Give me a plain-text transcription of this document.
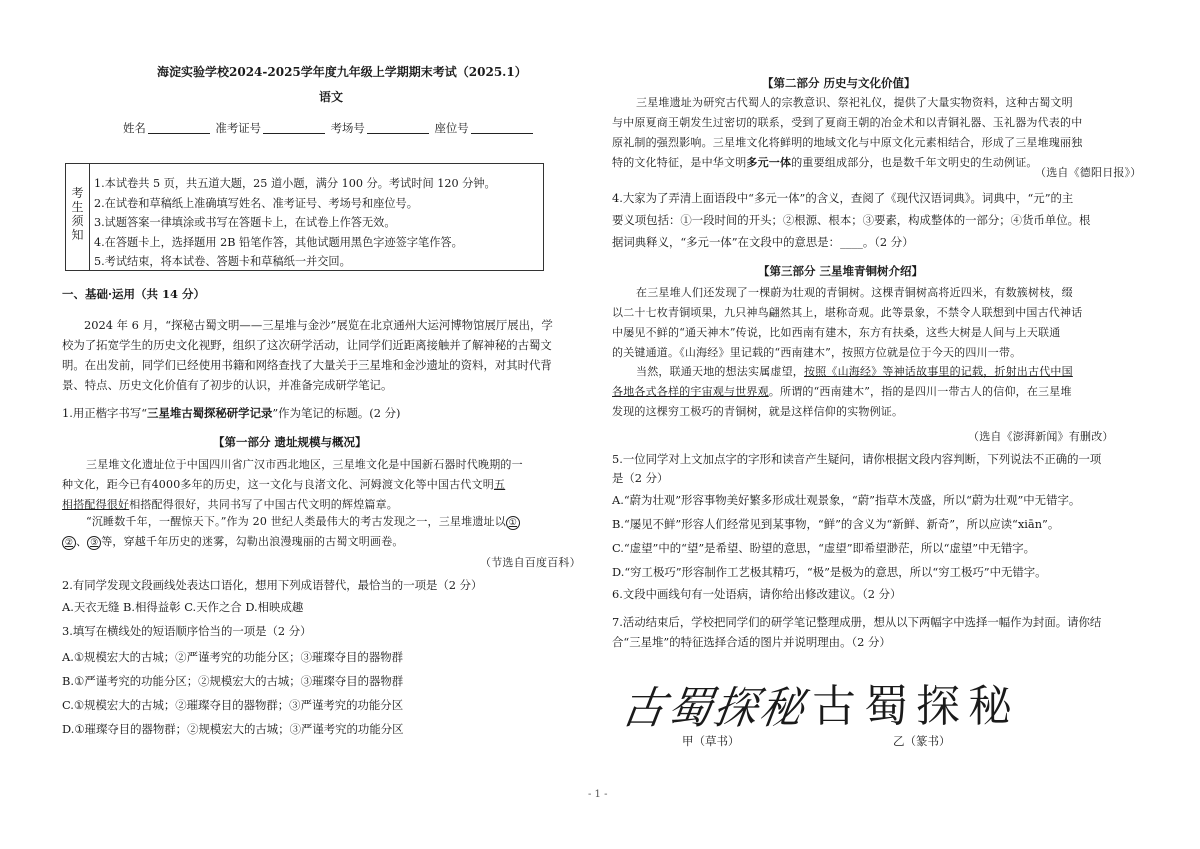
海淀实验学校2024-2025学年度九年级上学期期末考试（2025.1）
语文
姓名	准考证号	考场号	座位号
考生须知
1.本试卷共 5 页，共五道大题，25 道小题，满分 100 分。考试时间 120 分钟。
2.在试卷和草稿纸上准确填写姓名、准考证号、考场号和座位号。
3.试题答案一律填涂或书写在答题卡上，在试卷上作答无效。
4.在答题卡上，选择题用 2B 铅笔作答，其他试题用黑色字迹签字笔作答。
5.考试结束，将本试卷、答题卡和草稿纸一并交回。
一、基础·运用（共 14 分）
2024 年 6 月，“探秘古蜀文明——三星堆与金沙”展览在北京通州大运河博物馆展厅展出，学
校为了拓宽学生的历史文化视野，组织了这次研学活动，让同学们近距离接触并了解神秘的古蜀文
明。在出发前，同学们已经使用书籍和网络查找了大量关于三星堆和金沙遗址的资料，对其时代背
景、特点、历史文化价值有了初步的认识，并准备完成研学笔记。
1.用正楷字书写“三星堆古蜀探秘研学记录”作为笔记的标题。(2 分)
【第一部分 遗址规模与概况】
三星堆文化遗址位于中国四川省广汉市西北地区，三星堆文化是中国新石器时代晚期的一
种文化，距今已有4000多年的历史，这一文化与良渚文化、河姆渡文化等中国古代文明五
相搭配得很好相搭配得很好，共同书写了中国古代文明的辉煌篇章。
“沉睡数千年，一醒惊天下。”作为 20 世纪人类最伟大的考古发现之一，三星堆遗址以 ①
② 、 ③ 等，穿越千年历史的迷雾，勾勒出浪漫瑰丽的古蜀文明画卷。
（节选自百度百科）
2.有同学发现文段画线处表达口语化，想用下列成语替代，最恰当的一项是（2 分）
A.天衣无缝 B.相得益彰 C.天作之合 D.相映成趣
3.填写在横线处的短语顺序恰当的一项是（2 分）
A.①规模宏大的古城；②严谨考究的功能分区；③璀璨夺目的器物群
B.①严谨考究的功能分区；②规模宏大的古城；③璀璨夺目的器物群
C.①规模宏大的古城；②璀璨夺目的器物群；③严谨考究的功能分区
D.①璀璨夺目的器物群；②规模宏大的古城；③严谨考究的功能分区
【第二部分 历史与文化价值】
三星堆遗址为研究古代蜀人的宗教意识、祭祀礼仪，提供了大量实物资料，这种古蜀文明
与中原夏商王朝发生过密切的联系，受到了夏商王朝的冶金术和以青铜礼器、玉礼器为代表的中
原礼制的强烈影响。三星堆文化将鲜明的地域文化与中原文化元素相结合，形成了三星堆瑰丽独
特的文化特征，是中华文明多元一体的重要组成部分，也是数千年文明史的生动例证。
（选自《德阳日报》）
4.大家为了弄清上面语段中“多元一体”的含义，查阅了《现代汉语词典》。词典中，“元”的主
要义项包括：①一段时间的开头；②根源、根本；③要素，构成整体的一部分；④货币单位。根
据词典释义，“多元一体”在文段中的意思是：____。（2 分）
【第三部分 三星堆青铜树介绍】
在三星堆人们还发现了一棵蔚为壮观的青铜树。这棵青铜树高将近四米，有数簇树枝，缀
以二十七枚青铜顷果，九只神鸟翩然其上，堪称奇观。此等景象，不禁令人联想到中国古代神话
中屡见不鲜的“通天神木”传说，比如西南有建木，东方有扶桑，这些大树是人间与上天联通
的关键通道。《山海经》里记载的“西南建木”，按照方位就是位于今天的四川一带。
当然，联通天地的想法实属虚望，按照《山海经》等神话故事里的记载，折射出古代中国
各地各式各样的宇宙观与世界观。所谓的“西南建木”，指的是四川一带古人的信仰，在三星堆
发现的这棵穷工极巧的青铜树，就是这样信仰的实物例证。
（选自《澎湃新闻》有删改）
5.一位同学对上文加点字的字形和读音产生疑问，请你根据文段内容判断，下列说法不正确的一项
是（2 分）
A.“蔚为壮观”形容事物美好繁多形成壮观景象，“蔚”指草木茂盛，所以“蔚为壮观”中无错字。
B.“屡见不鲜”形容人们经常见到某事物，“鲜”的含义为“新鲜、新奇”，所以应读“xiān”。
C.“虚望”中的“望”是希望、盼望的意思，“虚望”即希望渺茫，所以“虚望”中无错字。
D.“穷工极巧”形容制作工艺极其精巧，“极”是极为的意思，所以“穷工极巧”中无错字。
6.文段中画线句有一处语病，请你给出修改建议。（2 分）
7.活动结束后，学校把同学们的研学笔记整理成册，想从以下两幅字中选择一幅作为封面。请你结
合“三星堆”的特征选择合适的图片并说明理由。（2 分）
古蜀探秘 古蜀探秘
甲（草书）	乙（篆书）
- 1 -
